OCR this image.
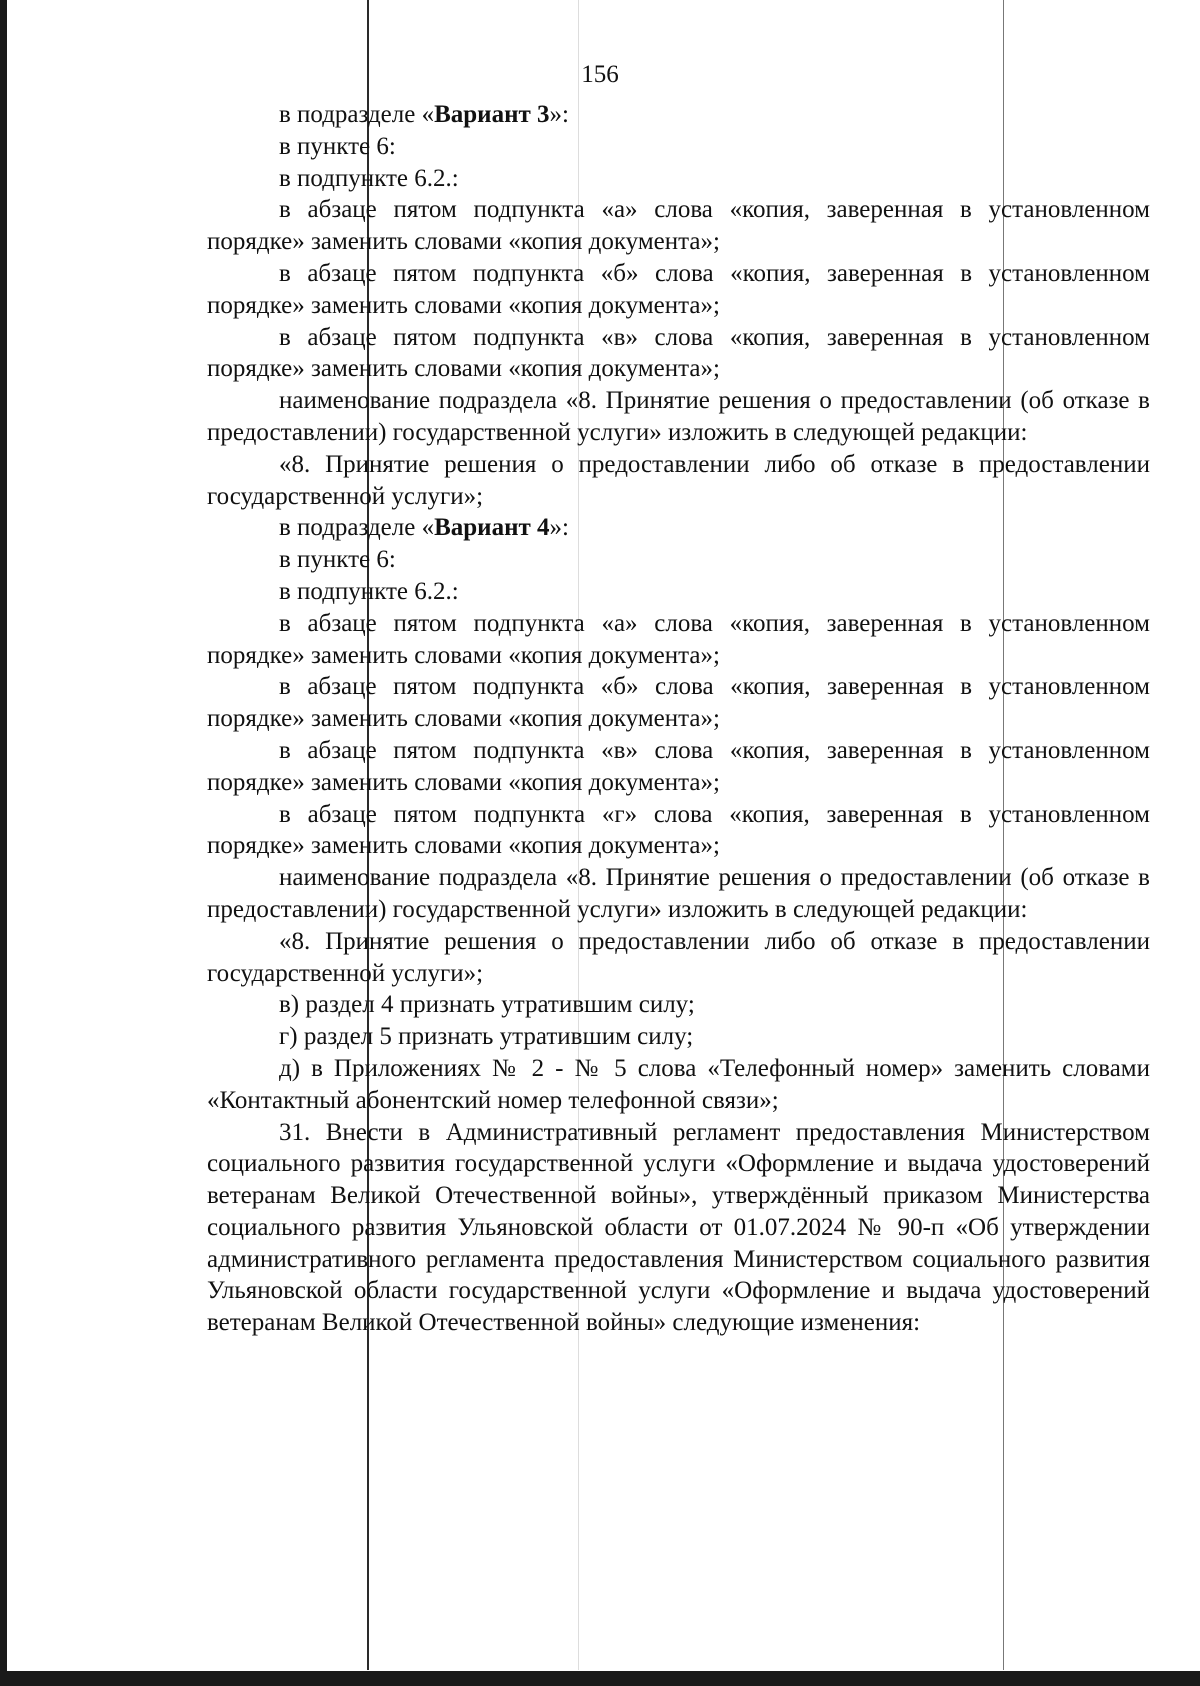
156

в подразделе «Вариант 3»:

в пункте 6:

в подпункте 6.2.:

в абзаце пятом подпункта «а» слова «копия, заверенная в установленном порядке» заменить словами «копия документа»;

в абзаце пятом подпункта «б» слова «копия, заверенная в установленном порядке» заменить словами «копия документа»;

в абзаце пятом подпункта «в» слова «копия, заверенная в установленном порядке» заменить словами «копия документа»;

наименование подраздела «8. Принятие решения о предоставлении (об отказе в предоставлении) государственной услуги» изложить в следующей редакции:

«8. Принятие решения о предоставлении либо об отказе в предоставлении государственной услуги»;

в подразделе «Вариант 4»:

в пункте 6:

в подпункте 6.2.:

в абзаце пятом подпункта «а» слова «копия, заверенная в установленном порядке» заменить словами «копия документа»;

в абзаце пятом подпункта «б» слова «копия, заверенная в установленном порядке» заменить словами «копия документа»;

в абзаце пятом подпункта «в» слова «копия, заверенная в установленном порядке» заменить словами «копия документа»;

в абзаце пятом подпункта «г» слова «копия, заверенная в установленном порядке» заменить словами «копия документа»;

наименование подраздела «8. Принятие решения о предоставлении (об отказе в предоставлении) государственной услуги» изложить в следующей редакции:

«8. Принятие решения о предоставлении либо об отказе в предоставлении государственной услуги»;

в) раздел 4 признать утратившим силу;

г) раздел 5 признать утратившим силу;

д) в Приложениях № 2 - № 5 слова «Телефонный номер» заменить словами «Контактный абонентский номер телефонной связи»;

31. Внести в Административный регламент предоставления Министерством социального развития государственной услуги «Оформление и выдача удостоверений ветеранам Великой Отечественной войны», утверждённый приказом Министерства социального развития Ульяновской области от 01.07.2024 № 90-п «Об утверждении административного регламента предоставления Министерством социального развития Ульяновской области государственной услуги «Оформление и выдача удостоверений ветеранам Великой Отечественной войны» следующие изменения:
